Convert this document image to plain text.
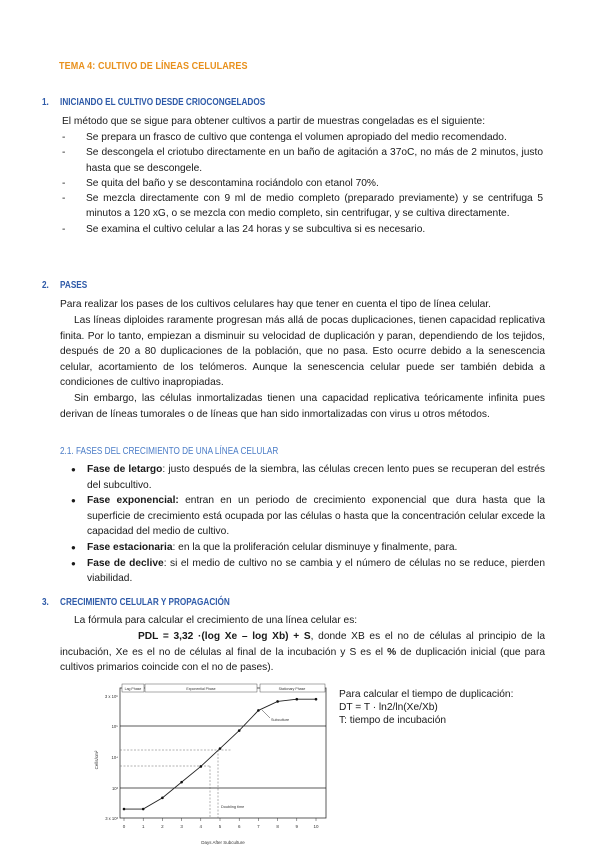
TEMA 4: CULTIVO DE LÍNEAS CELULARES
1. INICIANDO EL CULTIVO DESDE CRIOCONGELADOS
El método que se sigue para obtener cultivos a partir de muestras congeladas es el siguiente:
- Se prepara un frasco de cultivo que contenga el volumen apropiado del medio recomendado.
- Se descongela el criotubo directamente en un baño de agitación a 37oC, no más de 2 minutos, justo hasta que se descongele.
- Se quita del baño y se descontamina rociándolo con etanol 70%.
- Se mezcla directamente con 9 ml de medio completo (preparado previamente) y se centrifuga 5 minutos a 120 xG, o se mezcla con medio completo, sin centrifugar, y se cultiva directamente.
- Se examina el cultivo celular a las 24 horas y se subcultiva si es necesario.
2. PASES
Para realizar los pases de los cultivos celulares hay que tener en cuenta el tipo de línea celular.
Las líneas diploides raramente progresan más allá de pocas duplicaciones, tienen capacidad replicativa finita. Por lo tanto, empiezan a disminuir su velocidad de duplicación y paran, dependiendo de los tejidos, después de 20 a 80 duplicaciones de la población, que no pasa. Esto ocurre debido a la senescencia celular, acortamiento de los telómeros. Aunque la senescencia celular puede ser también debida a condiciones de cultivo inapropiadas.
Sin embargo, las células inmortalizadas tienen una capacidad replicativa teóricamente infinita pues derivan de líneas tumorales o de líneas que han sido inmortalizadas con virus u otros métodos.
2.1. FASES DEL CRECIMIENTO DE UNA LÍNEA CELULAR
● Fase de letargo: justo después de la siembra, las células crecen lento pues se recuperan del estrés del subcultivo.
● Fase exponencial: entran en un periodo de crecimiento exponencial que dura hasta que la superficie de crecimiento está ocupada por las células o hasta que la concentración celular excede la capacidad del medio de cultivo.
● Fase estacionaria: en la que la proliferación celular disminuye y finalmente, para.
● Fase de declive: si el medio de cultivo no se cambia y el número de células no se reduce, pierden viabilidad.
3. CRECIMIENTO CELULAR Y PROPAGACIÓN
La fórmula para calcular el crecimiento de una línea celular es:
PDL = 3,32 ·(log Xe – log Xb) + S, donde XB es el no de células al principio de la incubación, Xe es el no de células al final de la incubación y S es el % de duplicación inicial (que para cultivos primarios coincide con el no de pases).
Lag Phase	Exponential Phase	Stationary Phase
3 x 10⁶
10⁵
10⁴
10³
3 x 10³
Cells/cm²
0	1	2	3	4	5	6	7	8	9	10
Days After Subculture
Subculture
Doubling time
Para calcular el tiempo de duplicación:
DT = T · ln2/ln(Xe/Xb)
T: tiempo de incubación
